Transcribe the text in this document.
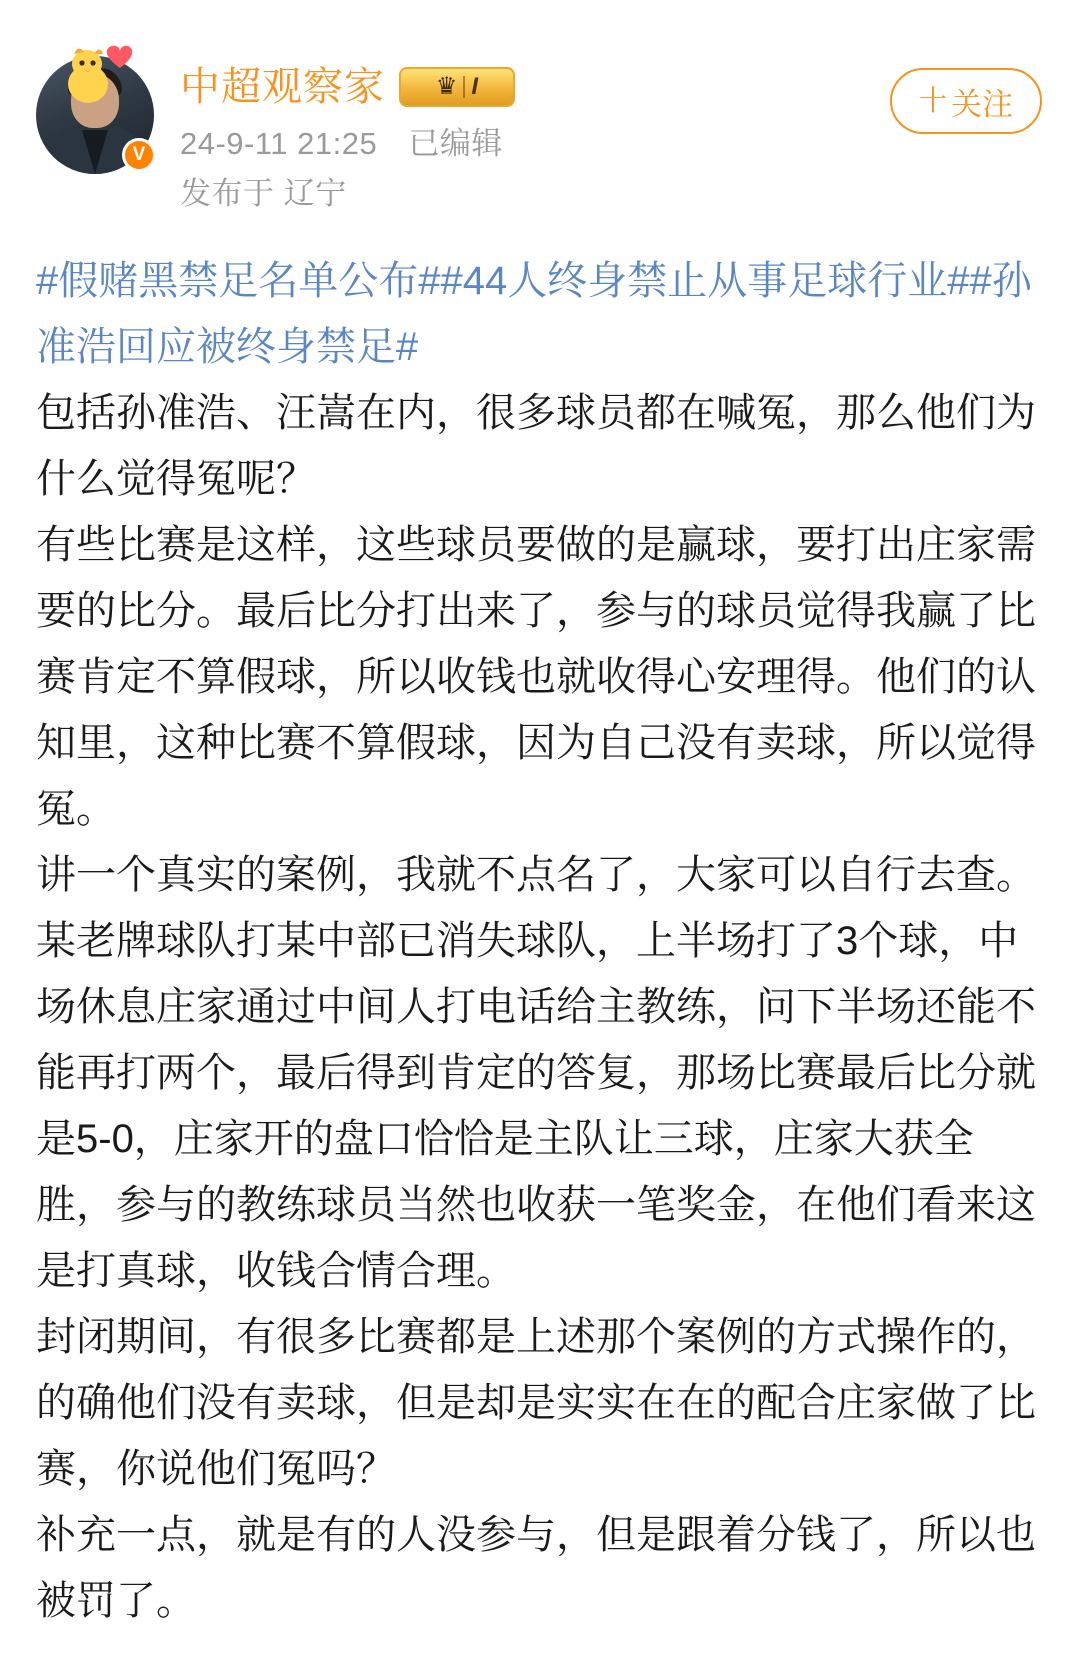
V
中超观察家 ♛ I
24-9-11 21:25 已编辑
发布于 辽宁
十 关注
#假赌黑禁足名单公布##44人终身禁止从事足球行业##孙准浩回应被终身禁足#

包括孙准浩、汪嵩在内，很多球员都在喊冤，那么他们为什么觉得冤呢？

有些比赛是这样，这些球员要做的是赢球，要打出庄家需要的比分。最后比分打出来了，参与的球员觉得我赢了比赛肯定不算假球，所以收钱也就收得心安理得。他们的认知里，这种比赛不算假球，因为自己没有卖球，所以觉得冤。

讲一个真实的案例，我就不点名了，大家可以自行去查。某老牌球队打某中部已消失球队，上半场打了3个球，中场休息庄家通过中间人打电话给主教练，问下半场还能不能再打两个，最后得到肯定的答复，那场比赛最后比分就是5-0，庄家开的盘口恰恰是主队让三球，庄家大获全胜，参与的教练球员当然也收获一笔奖金，在他们看来这是打真球，收钱合情合理。

封闭期间，有很多比赛都是上述那个案例的方式操作的，的确他们没有卖球，但是却是实实在在的配合庄家做了比赛，你说他们冤吗？

补充一点，就是有的人没参与，但是跟着分钱了，所以也被罚了。
